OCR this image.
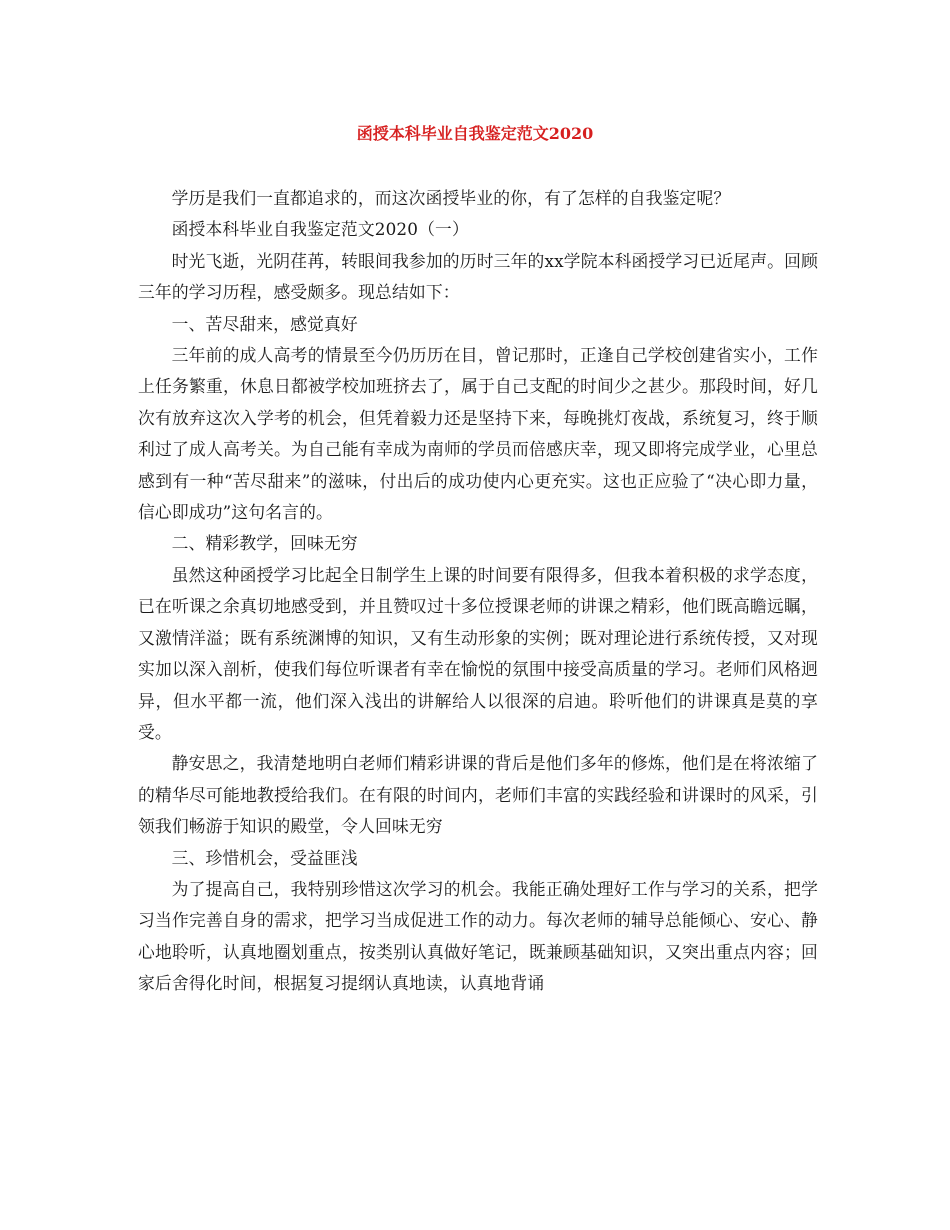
函授本科毕业自我鉴定范文2020

学历是我们一直都追求的，而这次函授毕业的你，有了怎样的自我鉴定呢？

函授本科毕业自我鉴定范文2020（一）

时光飞逝，光阴荏苒，转眼间我参加的历时三年的xx学院本科函授学习已近尾声。回顾三年的学习历程，感受颇多。现总结如下：

一、苦尽甜来，感觉真好

三年前的成人高考的情景至今仍历历在目，曾记那时，正逢自己学校创建省实小，工作上任务繁重，休息日都被学校加班挤去了，属于自己支配的时间少之甚少。那段时间，好几次有放弃这次入学考的机会，但凭着毅力还是坚持下来，每晚挑灯夜战，系统复习，终于顺利过了成人高考关。为自己能有幸成为南师的学员而倍感庆幸，现又即将完成学业，心里总感到有一种“苦尽甜来”的滋味，付出后的成功使内心更充实。这也正应验了“决心即力量，信心即成功”这句名言的。

二、精彩教学，回味无穷

虽然这种函授学习比起全日制学生上课的时间要有限得多，但我本着积极的求学态度，已在听课之余真切地感受到，并且赞叹过十多位授课老师的讲课之精彩，他们既高瞻远瞩，又激情洋溢；既有系统渊博的知识，又有生动形象的实例；既对理论进行系统传授，又对现实加以深入剖析，使我们每位听课者有幸在愉悦的氛围中接受高质量的学习。老师们风格迥异，但水平都一流，他们深入浅出的讲解给人以很深的启迪。聆听他们的讲课真是莫的享受。

静安思之，我清楚地明白老师们精彩讲课的背后是他们多年的修炼，他们是在将浓缩了的精华尽可能地教授给我们。在有限的时间内，老师们丰富的实践经验和讲课时的风采，引领我们畅游于知识的殿堂，令人回味无穷

三、珍惜机会，受益匪浅

为了提高自己，我特别珍惜这次学习的机会。我能正确处理好工作与学习的关系，把学习当作完善自身的需求，把学习当成促进工作的动力。每次老师的辅导总能倾心、安心、静心地聆听，认真地圈划重点，按类别认真做好笔记，既兼顾基础知识，又突出重点内容；回家后舍得化时间，根据复习提纲认真地读，认真地背诵
